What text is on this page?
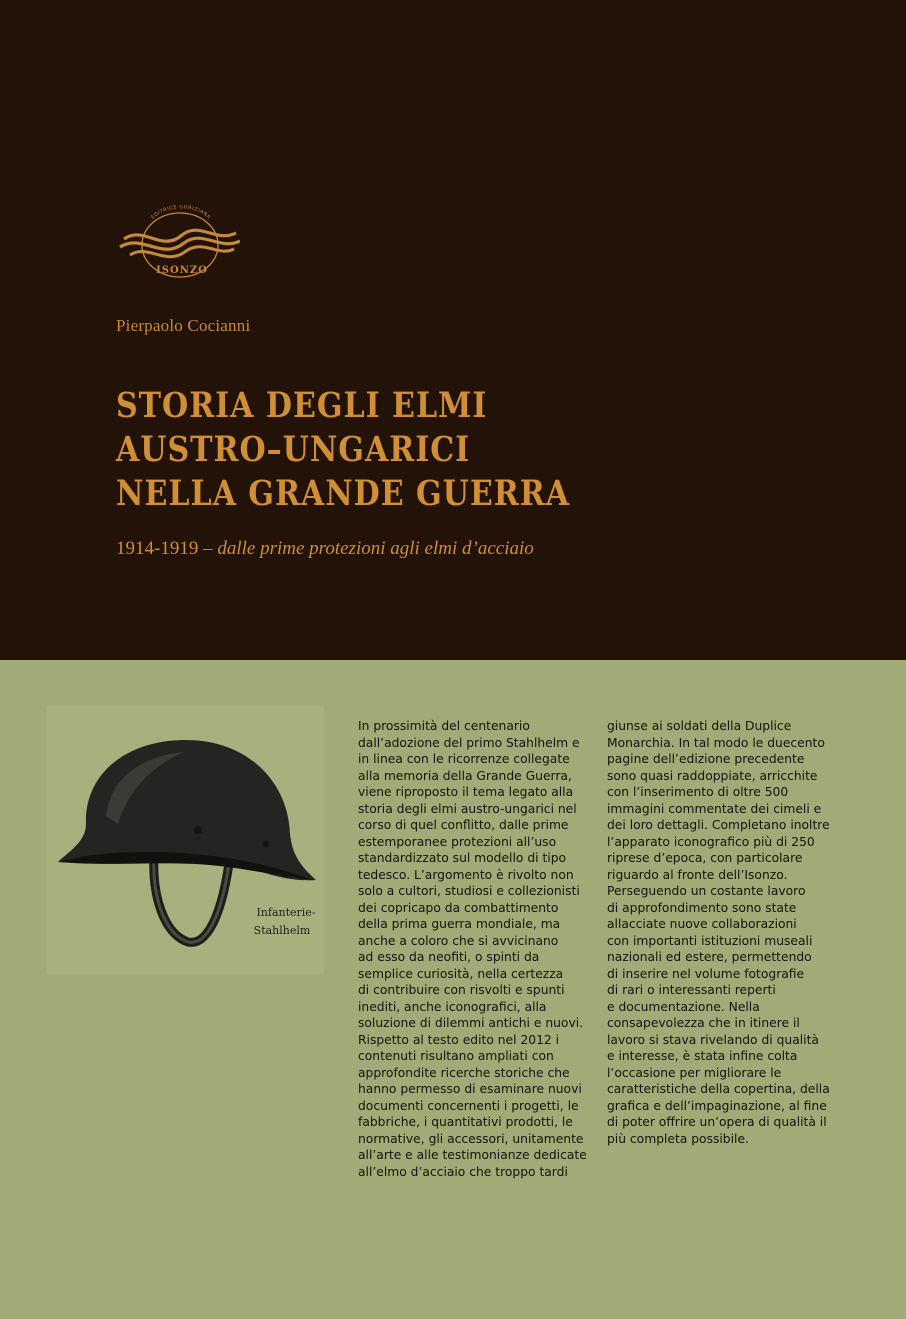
EDITRICE GORIZIANA
ISONZO
Pierpaolo Cocianni
STORIA DEGLI ELMI
AUSTRO–UNGARICI
NELLA GRANDE GUERRA
1914-1919 – dalle prime protezioni agli elmi d’acciaio
Infanterie-
Stahlhelm
In prossimità del centenario
dall’adozione del primo Stahlhelm e
in linea con le ricorrenze collegate
alla memoria della Grande Guerra,
viene riproposto il tema legato alla
storia degli elmi austro-ungarici nel
corso di quel conflitto, dalle prime
estemporanee protezioni all’uso
standardizzato sul modello di tipo
tedesco. L’argomento è rivolto non
solo a cultori, studiosi e collezionisti
dei copricapo da combattimento
della prima guerra mondiale, ma
anche a coloro che si avvicinano
ad esso da neofiti, o spinti da
semplice curiosità, nella certezza
di contribuire con risvolti e spunti
inediti, anche iconografici, alla
soluzione di dilemmi antichi e nuovi.
Rispetto al testo edito nel 2012 i
contenuti risultano ampliati con
approfondite ricerche storiche che
hanno permesso di esaminare nuovi
documenti concernenti i progetti, le
fabbriche, i quantitativi prodotti, le
normative, gli accessori, unitamente
all’arte e alle testimonianze dedicate
all’elmo d’acciaio che troppo tardi
giunse ai soldati della Duplice
Monarchia. In tal modo le duecento
pagine dell’edizione precedente
sono quasi raddoppiate, arricchite
con l’inserimento di oltre 500
immagini commentate dei cimeli e
dei loro dettagli. Completano inoltre
l’apparato iconografico più di 250
riprese d’epoca, con particolare
riguardo al fronte dell’Isonzo.
Perseguendo un costante lavoro
di approfondimento sono state
allacciate nuove collaborazioni
con importanti istituzioni museali
nazionali ed estere, permettendo
di inserire nel volume fotografie
di rari o interessanti reperti
e documentazione. Nella
consapevolezza che in itinere il
lavoro si stava rivelando di qualità
e interesse, è stata infine colta
l’occasione per migliorare le
caratteristiche della copertina, della
grafica e dell’impaginazione, al fine
di poter offrire un’opera di qualità il
più completa possibile.
